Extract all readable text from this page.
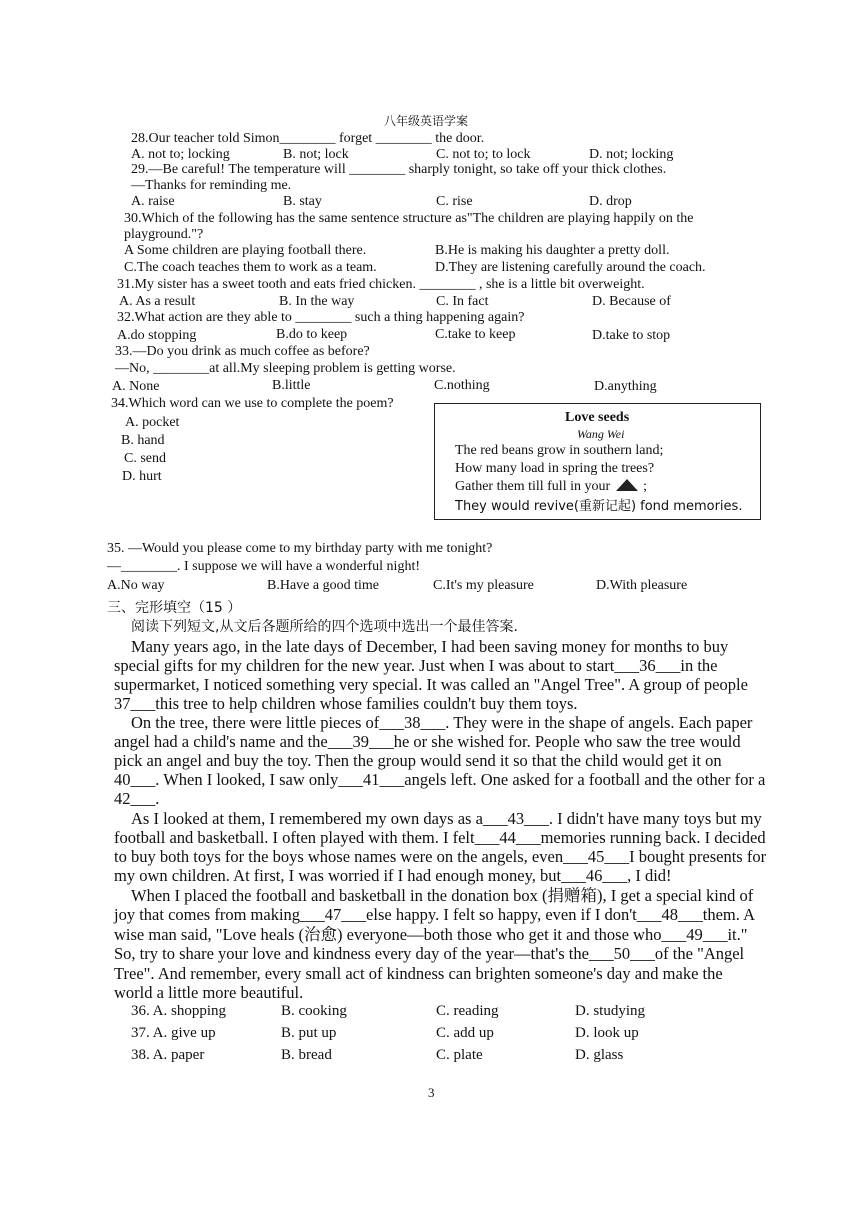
八年级英语学案
28.Our teacher told Simon________ forget ________ the door.
A. not to; locking	B. not; lock	C. not to; to lock	D. not; locking
29.—Be careful! The temperature will ________ sharply tonight, so take off your thick clothes.
—Thanks for reminding me.
A. raise	B. stay	C. rise	D. drop
30.Which of the following has the same sentence structure as"The children are playing happily on the
playground."?
A Some children are playing football there.	B.He is making his daughter a pretty doll.
C.The coach teaches them to work as a team.	D.They are listening carefully around the coach.
31.My sister has a sweet tooth and eats fried chicken. ________ , she is a little bit overweight.
A. As a result	B. In the way	C. In fact	D. Because of
32.What action are they able to ________ such a thing happening again?
A.do stopping	B.do to keep	C.take to keep	D.take to stop
33.—Do you drink as much coffee as before?
—No, ________at all.My sleeping problem is getting worse.
A. None	B.little	C.nothing	D.anything
34.Which word can we use to complete the poem?
A. pocket
B. hand
C. send
D. hurt
Love seeds
Wang Wei
The red beans grow in southern land;
How many load in spring the trees?
Gather them till full in your ;
They would revive(重新记起) fond memories.
35. —Would you please come to my birthday party with me tonight?
—________. I suppose we will have a wonderful night!
A.No way	B.Have a good time	C.It's my pleasure	D.With pleasure
三、完形填空（15 ）
阅读下列短文,从文后各题所给的四个选项中选出一个最佳答案.
Many years ago, in the late days of December, I had been saving money for months to buy
special gifts for my children for the new year. Just when I was about to start___36___in the
supermarket, I noticed something very special. It was called an "Angel Tree". A group of people
37___this tree to help children whose families couldn't buy them toys.
On the tree, there were little pieces of___38___. They were in the shape of angels. Each paper
angel had a child's name and the___39___he or she wished for. People who saw the tree would
pick an angel and buy the toy. Then the group would send it so that the child would get it on
40___. When I looked, I saw only___41___angels left. One asked for a football and the other for a
42___.
As I looked at them, I remembered my own days as a___43___. I didn't have many toys but my
football and basketball. I often played with them. I felt___44___memories running back. I decided
to buy both toys for the boys whose names were on the angels, even___45___I bought presents for
my own children. At first, I was worried if I had enough money, but___46___, I did!
When I placed the football and basketball in the donation box (捐赠箱), I get a special kind of
joy that comes from making___47___else happy. I felt so happy, even if I don't___48___them. A
wise man said, "Love heals (治愈) everyone—both those who get it and those who___49___it."
So, try to share your love and kindness every day of the year—that's the___50___of the "Angel
Tree". And remember, every small act of kindness can brighten someone's day and make the
world a little more beautiful.
36. A. shopping	B. cooking	C. reading	D. studying
37. A. give up	B. put up	C. add up	D. look up
38. A. paper	B. bread	C. plate	D. glass
3
